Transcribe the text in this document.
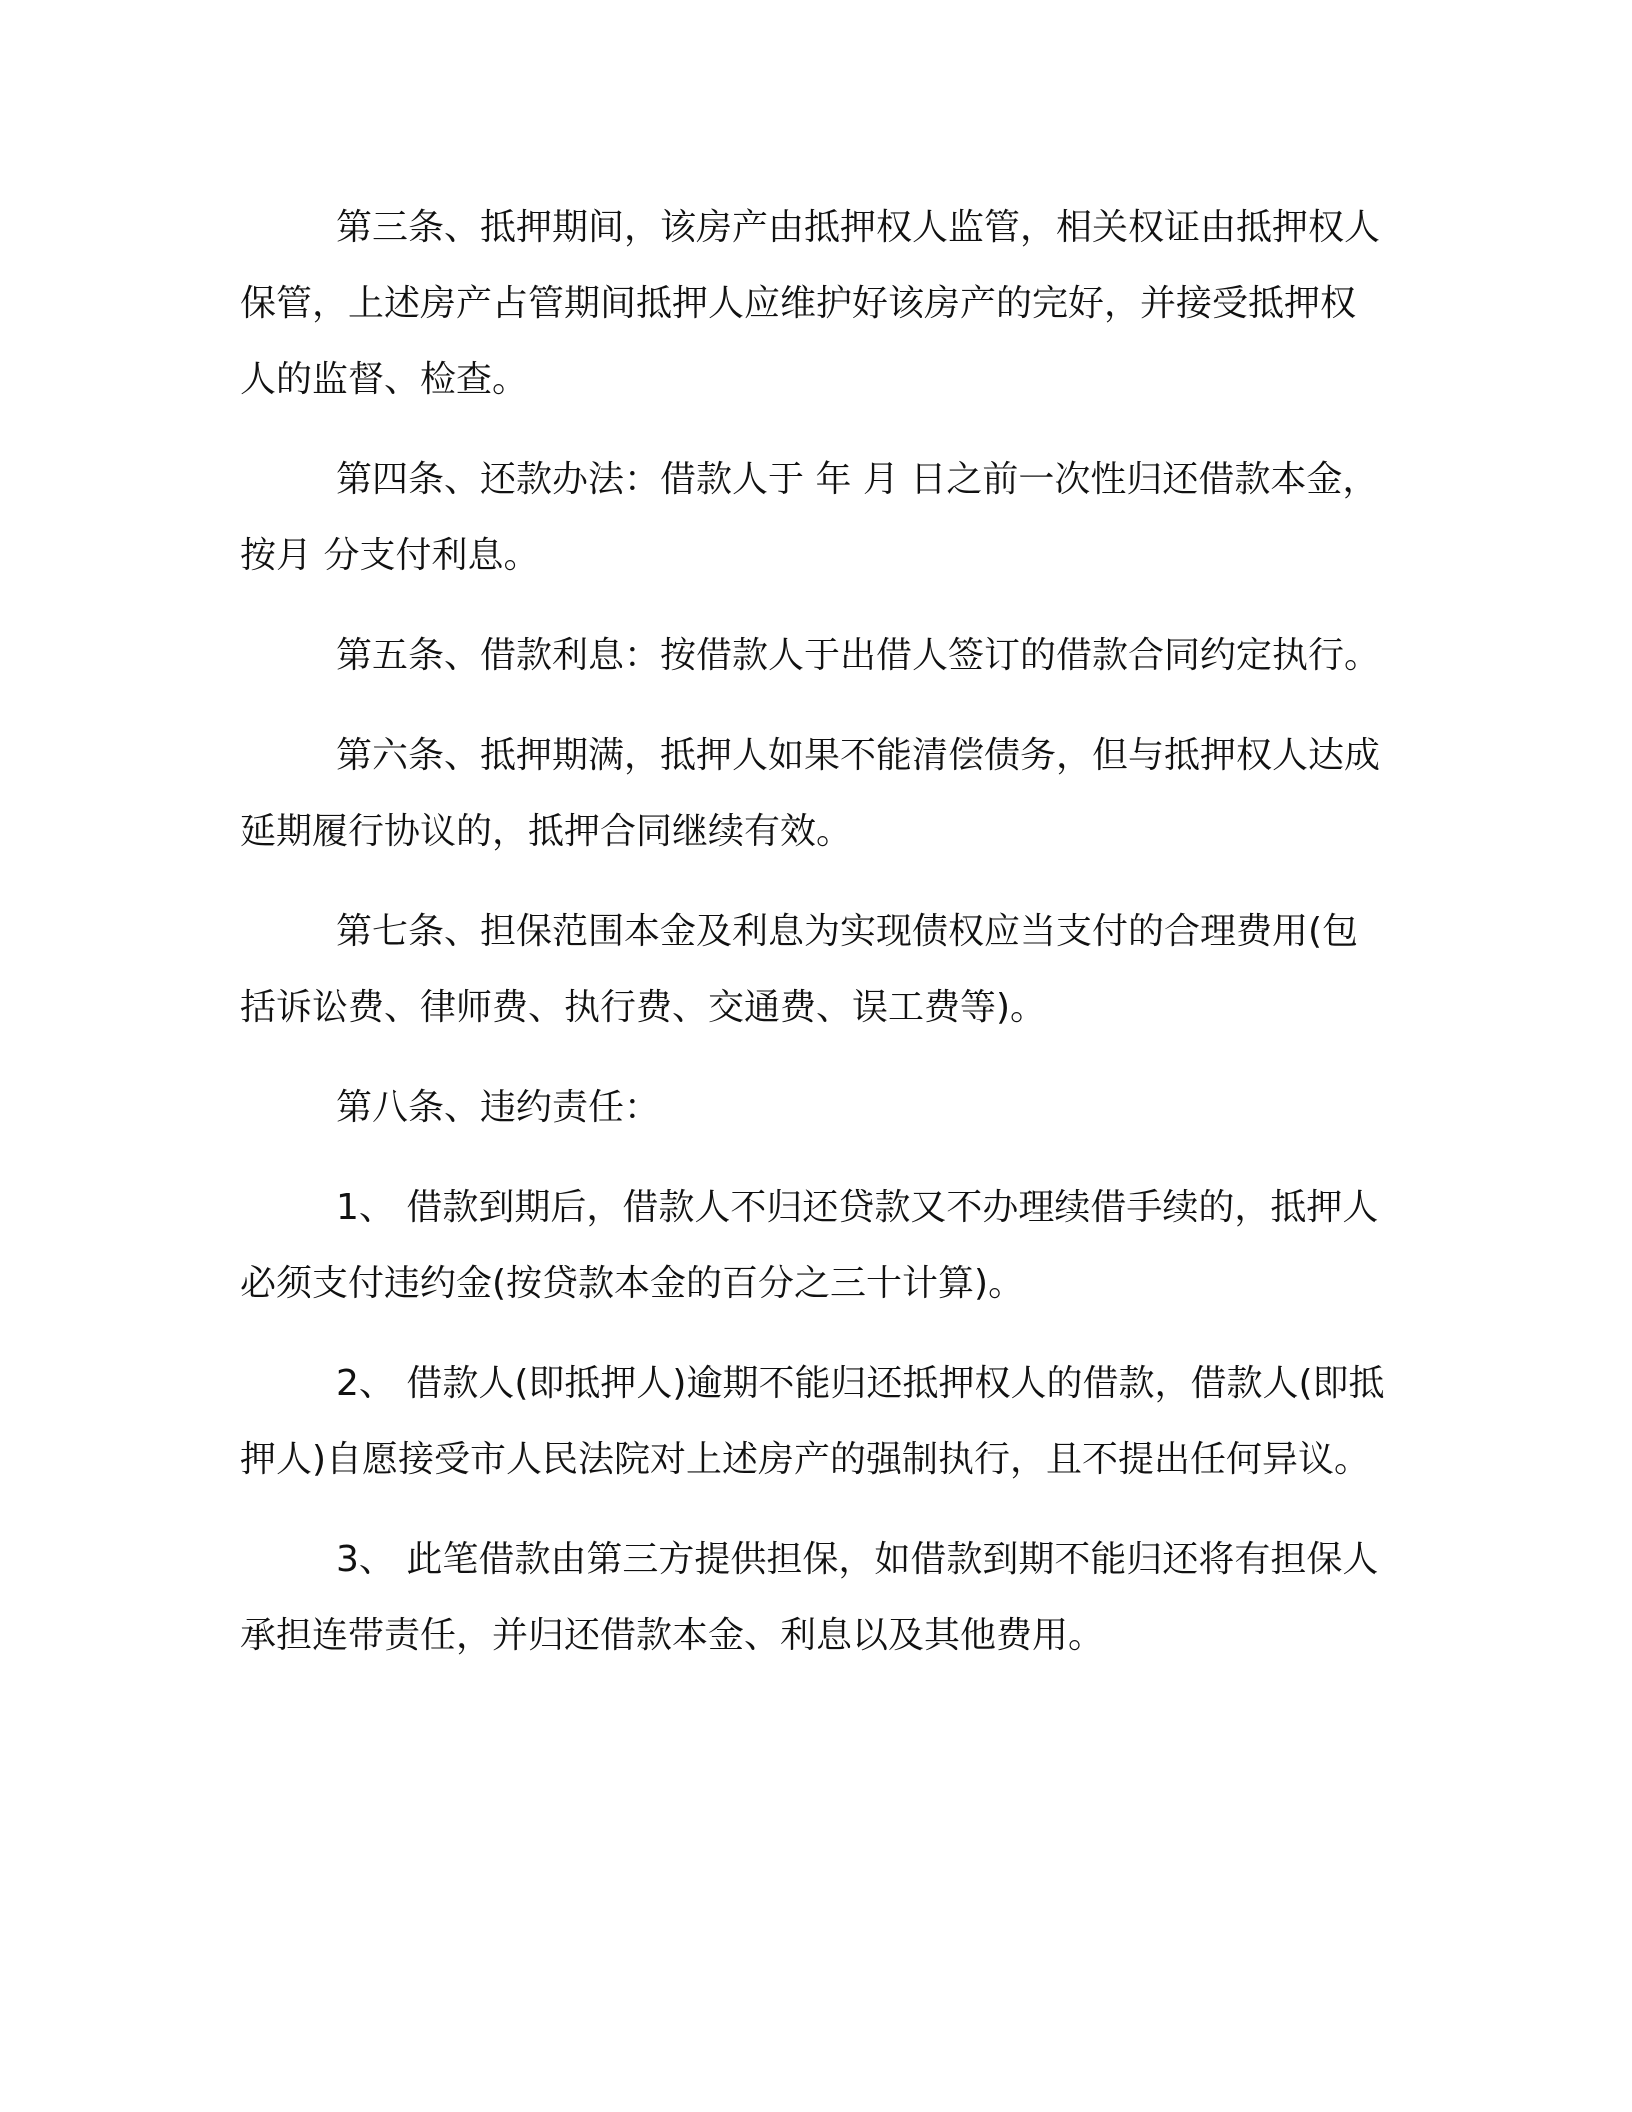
第三条、抵押期间，该房产由抵押权人监管，相关权证由抵押权人保管，上述房产占管期间抵押人应维护好该房产的完好，并接受抵押权人的监督、检查。

第四条、还款办法：借款人于 年 月 日之前一次性归还借款本金，按月 分支付利息。

第五条、借款利息：按借款人于出借人签订的借款合同约定执行。

第六条、抵押期满，抵押人如果不能清偿债务，但与抵押权人达成延期履行协议的，抵押合同继续有效。

第七条、担保范围本金及利息为实现债权应当支付的合理费用(包括诉讼费、律师费、执行费、交通费、误工费等)。

第八条、违约责任：

1、 借款到期后，借款人不归还贷款又不办理续借手续的，抵押人必须支付违约金(按贷款本金的百分之三十计算)。

2、 借款人(即抵押人)逾期不能归还抵押权人的借款，借款人(即抵押人)自愿接受市人民法院对上述房产的强制执行，且不提出任何异议。

3、 此笔借款由第三方提供担保，如借款到期不能归还将有担保人承担连带责任，并归还借款本金、利息以及其他费用。
